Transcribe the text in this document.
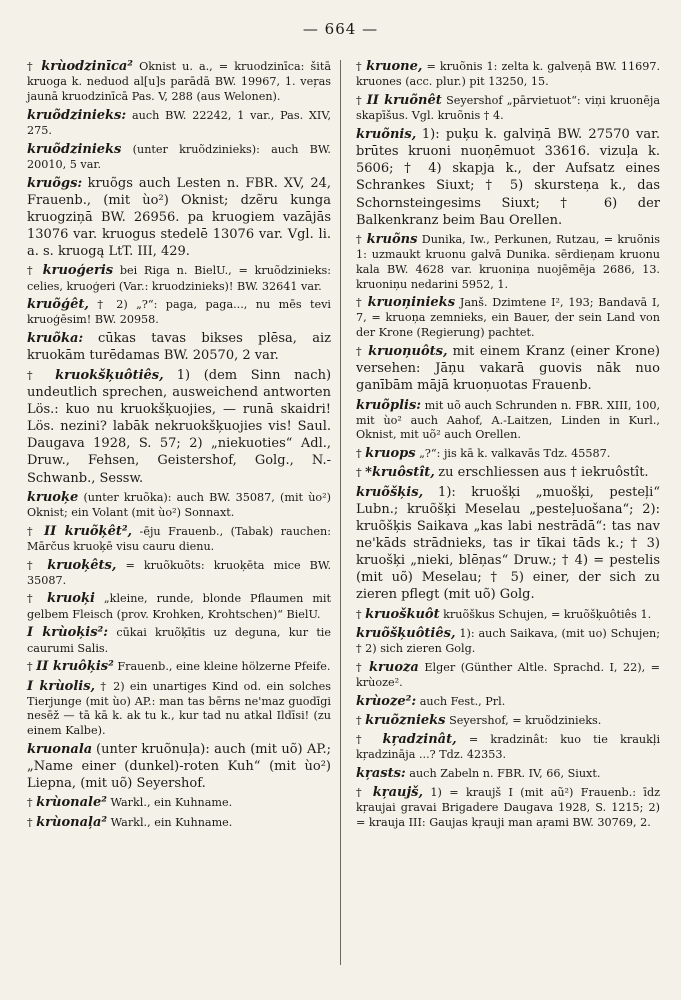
— 664 —

† krùodzinīca² Oknist u. a., = kruodzinīca: šitā kruoga k. neduod al[u]s parādā BW. 19967, 1. veŗas jaunā kruodzinīcā Pas. V, 288 (aus Welonen).

kruõdzinieks: auch BW. 22242, 1 var., Pas. XIV, 275.

kruõdzinieks (unter kruõdzinieks): auch BW. 20010, 5 var.

kruõgs: kruõgs auch Lesten n. FBR. XV, 24, Frauenb., (mit ùo²) Oknist; dzẽru kunga kruogziņā BW. 26956. pa kruogiem vazājās 13076 var. kruogus stedelē 13076 var. Vgl. li. a. s. kruogą LtT. III, 429.

† kruoģeris bei Riga n. BielU., = kruõdzinieks: celies, kruoģeri (Var.: kruodzinieks)! BW. 32641 var.

kruõģêt, † 2) „?“: paga, paga..., nu mēs tevi kruoģēsim! BW. 20958.

kruõka: cūkas tavas bikses plēsa, aiz kruokām turēdamas BW. 20570, 2 var.

† kruokšķuôtiês, 1) (dem Sinn nach) undeutlich sprechen, ausweichend antworten Lös.: kuo nu kruokšķuojies, — runā skaidri! Lös. nezini? labāk nekruokšķuojies vis! Saul. Daugava 1928, S. 57; 2) „niekuoties“ Adl., Druw., Fehsen, Geistershof, Golg., N.-Schwanb., Sessw.

kruoķe (unter kruõka): auch BW. 35087, (mit ùo²) Oknist; ein Volant (mit ùo²) Sonnaxt.

† II kruõķêt², -ēju Frauenb., (Tabak) rauchen: Mārčus kruoķē visu cauru dienu.

† kruoķêts, = kruõkuõts: kruoķēta mice BW. 35087.

† kruoķi „kleine, runde, blonde Pflaumen mit gelbem Fleisch (prov. Krohken, Krohtschen)“ BielU.

I krùoķis²: cūkai kruõķītis uz deguna, kur tie caurumi Salis.

† II kruôķis² Frauenb., eine kleine hölzerne Pfeife.

I krùolis, † 2) ein unartiges Kind od. ein solches Tierjunge (mit ùo) AP.: man tas bērns ne'maz guodīgi nesēž — tā kā k. ak tu k., kur tad nu atkal Ildīsi! (zu einem Kalbe).

kruonala (unter kruõnuļa): auch (mit uõ) AP.; „Name einer (dunkel)-roten Kuh“ (mit ùo²) Liepna, (mit uõ) Seyershof.

† krùonale² Warkl., ein Kuhname.

† krùonaļa² Warkl., ein Kuhname.

† kruone, = kruõnis 1: zelta k. galveņā BW. 11697. kruones (acc. plur.) pit 13250, 15.

† II kruõnêt Seyershof „pārvietuot“: viņi kruonēja skapīšus. Vgl. kruõnis † 4.

kruõnis, 1): puķu k. galviņā BW. 27570 var. brūtes kruoni nuoņēmuot 33616. vizuļa k. 5606; † 4) skapja k., der Aufsatz eines Schrankes Siuxt; † 5) skursteņa k., das Schornsteingesims Siuxt; † 6) der Balkenkranz beim Bau Orellen.

† kruõns Dunika, Iw., Perkunen, Rutzau, = kruõnis 1: uzmaukt kruonu galvā Dunika. sērdieņam kruonu kala BW. 4628 var. kruoniņa nuojēmēja 2686, 13. kruoniņu nedarini 5952, 1.

† kruoņinieks Janš. Dzimtene I², 193; Bandavā I, 7, = kruoņa zemnieks, ein Bauer, der sein Land von der Krone (Regierung) pachtet.

† kruoņuôts, mit einem Kranz (einer Krone) versehen: Jāņu vakarā guovis nāk nuo ganībām mājā kruoņuotas Frauenb.

kruõplis: mit uõ auch Schrunden n. FBR. XIII, 100, mit ùo² auch Aahof, A.-Laitzen, Linden in Kurl., Oknist, mit uõ² auch Orellen.

† kruops „?“: jis kā k. valkavās Tdz. 45587.

† *kruôstît, zu erschliessen aus † iekruôstît.

kruõšķis, 1): kruošķi „muošķi, pesteļi“ Lubn.; kruõšķi Meselau „pesteļuošana“; 2): kruõšķis Saikava „kas labi nestrādā“: tas nav ne'kāds strādnieks, tas ir tīkai tāds k.; † 3) kruošķi „nieki, blēņas“ Druw.; † 4) = pestelis (mit uõ) Meselau; † 5) einer, der sich zu zieren pflegt (mit uõ) Golg.

† kruoškuôt kruõškus Schujen, = kruõšķuôtiês 1.

kruõšķuôtiês, 1): auch Saikava, (mit uo) Schujen; † 2) sich zieren Golg.

† kruoza Elger (Günther Altle. Sprachd. I, 22), = krùoze².

krùoze²: auch Fest., Prl.

† kruõznieks Seyershof, = kruõdzinieks.

† kŗadzinât, = kradzinât: kuo tie kraukļi kŗadzināja ...? Tdz. 42353.

kŗasts: auch Zabeln n. FBR. IV, 66, Siuxt.

† kŗaujš, 1) = kraujš I (mit aũ²) Frauenb.: īdz kŗaujai gravai Brigadere Daugava 1928, S. 1215; 2) = krauja III: Gaujas kŗauji man aŗami BW. 30769, 2.
